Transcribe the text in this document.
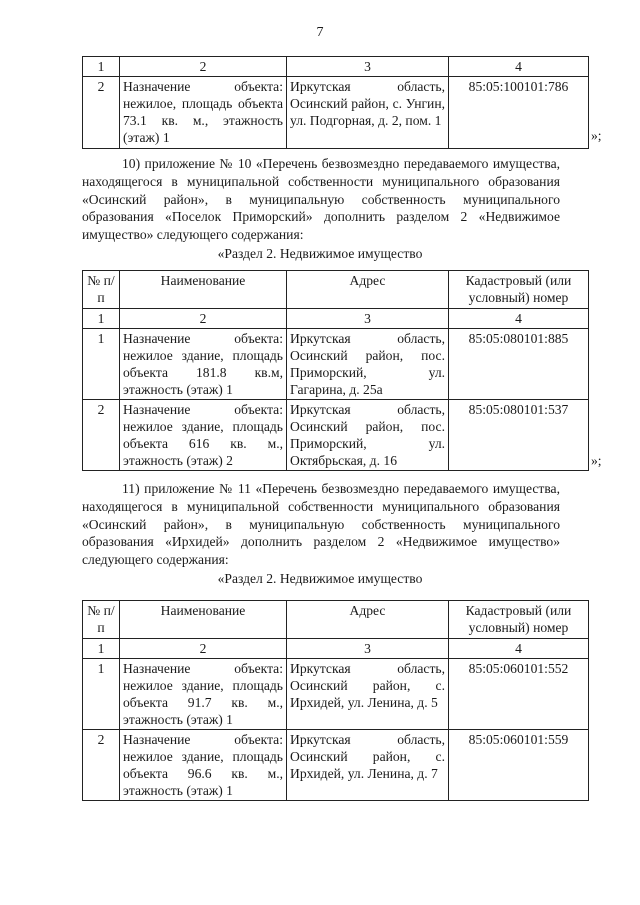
7
1	2	3	4
2	Назначение объекта: нежилое, площадь объекта 73.1 кв. м., этажность (этаж) 1	Иркутская область, Осинский район, с. Унгин, ул. Подгорная, д. 2, пом. 1	85:05:100101:786
»;
10) приложение № 10 «Перечень безвозмездно передаваемого имущества, находящегося в муниципальной собственности муниципального образования «Осинский район», в муниципальную собственность муниципального образования «Поселок Приморский» дополнить разделом 2 «Недвижимое имущество» следующего содержания:
«Раздел 2. Недвижимое имущество
№ п/п	Наименование	Адрес	Кадастровый (или условный) номер
1	2	3	4
1	Назначение объекта: нежилое здание, площадь объекта 181.8 кв.м, этажность (этаж) 1	Иркутская область, Осинский район, пос. Приморский, ул. Гагарина, д. 25а	85:05:080101:885
2	Назначение объекта: нежилое здание, площадь объекта 616 кв. м., этажность (этаж) 2	Иркутская область, Осинский район, пос. Приморский, ул. Октябрьская, д. 16	85:05:080101:537
»;
11) приложение № 11 «Перечень безвозмездно передаваемого имущества, находящегося в муниципальной собственности муниципального образования «Осинский район», в муниципальную собственность муниципального образования «Ирхидей» дополнить разделом 2 «Недвижимое имущество» следующего содержания:
«Раздел 2. Недвижимое имущество
№ п/п	Наименование	Адрес	Кадастровый (или условный) номер
1	2	3	4
1	Назначение объекта: нежилое здание, площадь объекта 91.7 кв. м., этажность (этаж) 1	Иркутская область, Осинский район, с. Ирхидей, ул. Ленина, д. 5	85:05:060101:552
2	Назначение объекта: нежилое здание, площадь объекта 96.6 кв. м., этажность (этаж) 1	Иркутская область, Осинский район, с. Ирхидей, ул. Ленина, д. 7	85:05:060101:559
